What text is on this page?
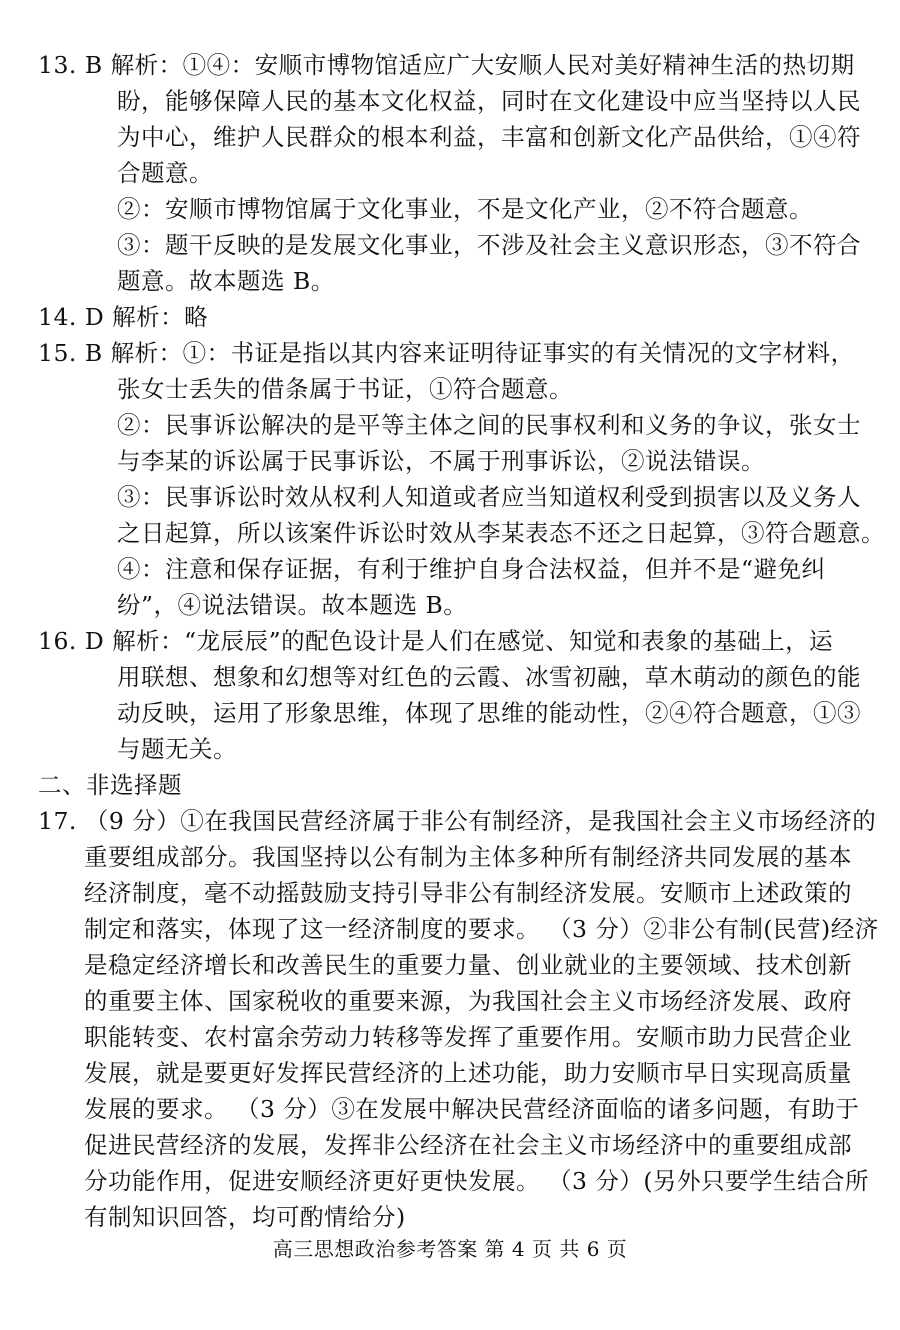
13. B 解析：①④：安顺市博物馆适应广大安顺人民对美好精神生活的热切期
盼，能够保障人民的基本文化权益，同时在文化建设中应当坚持以人民
为中心，维护人民群众的根本利益，丰富和创新文化产品供给，①④符
合题意。
②：安顺市博物馆属于文化事业，不是文化产业，②不符合题意。
③：题干反映的是发展文化事业，不涉及社会主义意识形态，③不符合
题意。故本题选 B。
14. D 解析：略
15. B 解析：①：书证是指以其内容来证明待证事实的有关情况的文字材料，
张女士丢失的借条属于书证，①符合题意。
②：民事诉讼解决的是平等主体之间的民事权利和义务的争议，张女士
与李某的诉讼属于民事诉讼，不属于刑事诉讼，②说法错误。
③：民事诉讼时效从权利人知道或者应当知道权利受到损害以及义务人
之日起算，所以该案件诉讼时效从李某表态不还之日起算，③符合题意。
④：注意和保存证据，有利于维护自身合法权益，但并不是“避免纠
纷”，④说法错误。故本题选 B。
16. D 解析：“龙辰辰”的配色设计是人们在感觉、知觉和表象的基础上，运
用联想、想象和幻想等对红色的云霞、冰雪初融，草木萌动的颜色的能
动反映，运用了形象思维，体现了思维的能动性，②④符合题意，①③
与题无关。
二、非选择题
17. （9 分）①在我国民营经济属于非公有制经济，是我国社会主义市场经济的
重要组成部分。我国坚持以公有制为主体多种所有制经济共同发展的基本
经济制度，毫不动摇鼓励支持引导非公有制经济发展。安顺市上述政策的
制定和落实，体现了这一经济制度的要求。 （3 分）②非公有制(民营)经济
是稳定经济增长和改善民生的重要力量、创业就业的主要领域、技术创新
的重要主体、国家税收的重要来源，为我国社会主义市场经济发展、政府
职能转变、农村富余劳动力转移等发挥了重要作用。安顺市助力民营企业
发展，就是要更好发挥民营经济的上述功能，助力安顺市早日实现高质量
发展的要求。 （3 分）③在发展中解决民营经济面临的诸多问题，有助于
促进民营经济的发展，发挥非公经济在社会主义市场经济中的重要组成部
分功能作用，促进安顺经济更好更快发展。 （3 分）(另外只要学生结合所
有制知识回答，均可酌情给分)
高三思想政治参考答案 第 4 页 共 6 页
